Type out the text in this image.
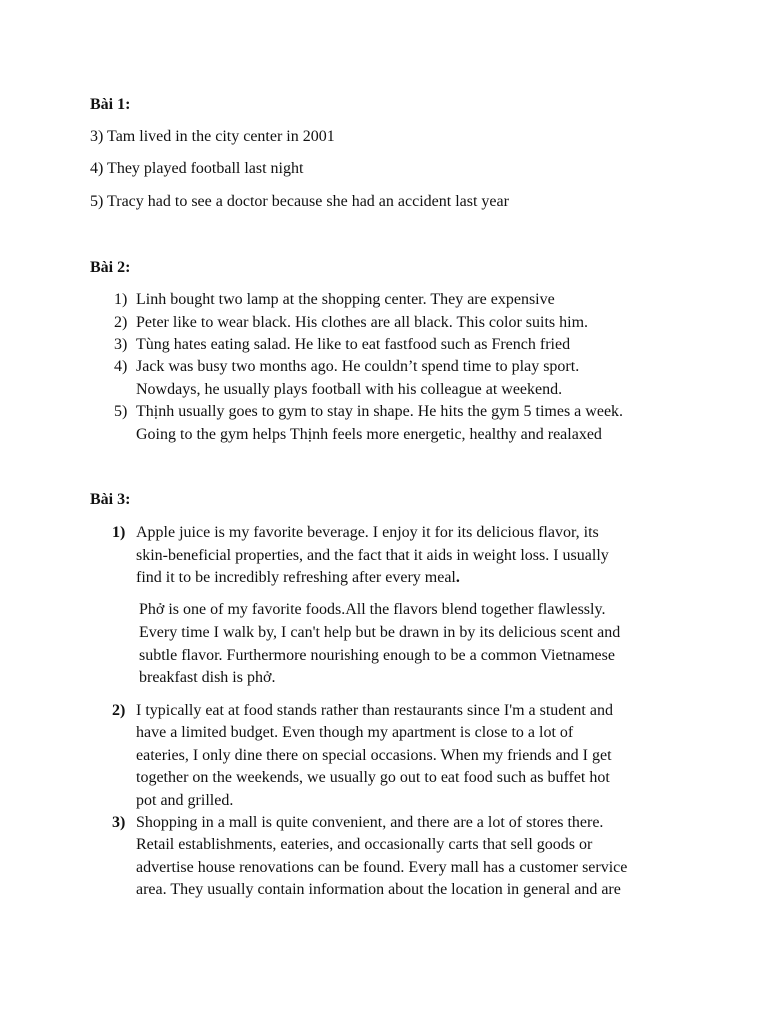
Bài 1:
3) Tam lived in the city center in 2001
4) They played football last night
5) Tracy had to see a doctor because she had an accident last year
Bài 2:
1) Linh bought two lamp at the shopping center. They are expensive
2) Peter like to wear black. His clothes are all black. This color suits him.
3) Tùng hates eating salad. He like to eat fastfood such as French fried
4) Jack was busy two months ago. He couldn’t spend time to play sport.
Nowdays, he usually plays football with his colleague at weekend.
5) Thịnh usually goes to gym to stay in shape. He hits the gym 5 times a week.
Going to the gym helps Thịnh feels more energetic, healthy and realaxed
Bài 3:
1) Apple juice is my favorite beverage. I enjoy it for its delicious flavor, its
skin-beneficial properties, and the fact that it aids in weight loss. I usually
find it to be incredibly refreshing after every meal.
Phở is one of my favorite foods.All the flavors blend together flawlessly.
Every time I walk by, I can't help but be drawn in by its delicious scent and
subtle flavor. Furthermore nourishing enough to be a common Vietnamese
breakfast dish is phở.
2) I typically eat at food stands rather than restaurants since I'm a student and
have a limited budget. Even though my apartment is close to a lot of
eateries, I only dine there on special occasions. When my friends and I get
together on the weekends, we usually go out to eat food such as buffet hot
pot and grilled.
3) Shopping in a mall is quite convenient, and there are a lot of stores there.
Retail establishments, eateries, and occasionally carts that sell goods or
advertise house renovations can be found. Every mall has a customer service
area. They usually contain information about the location in general and are
